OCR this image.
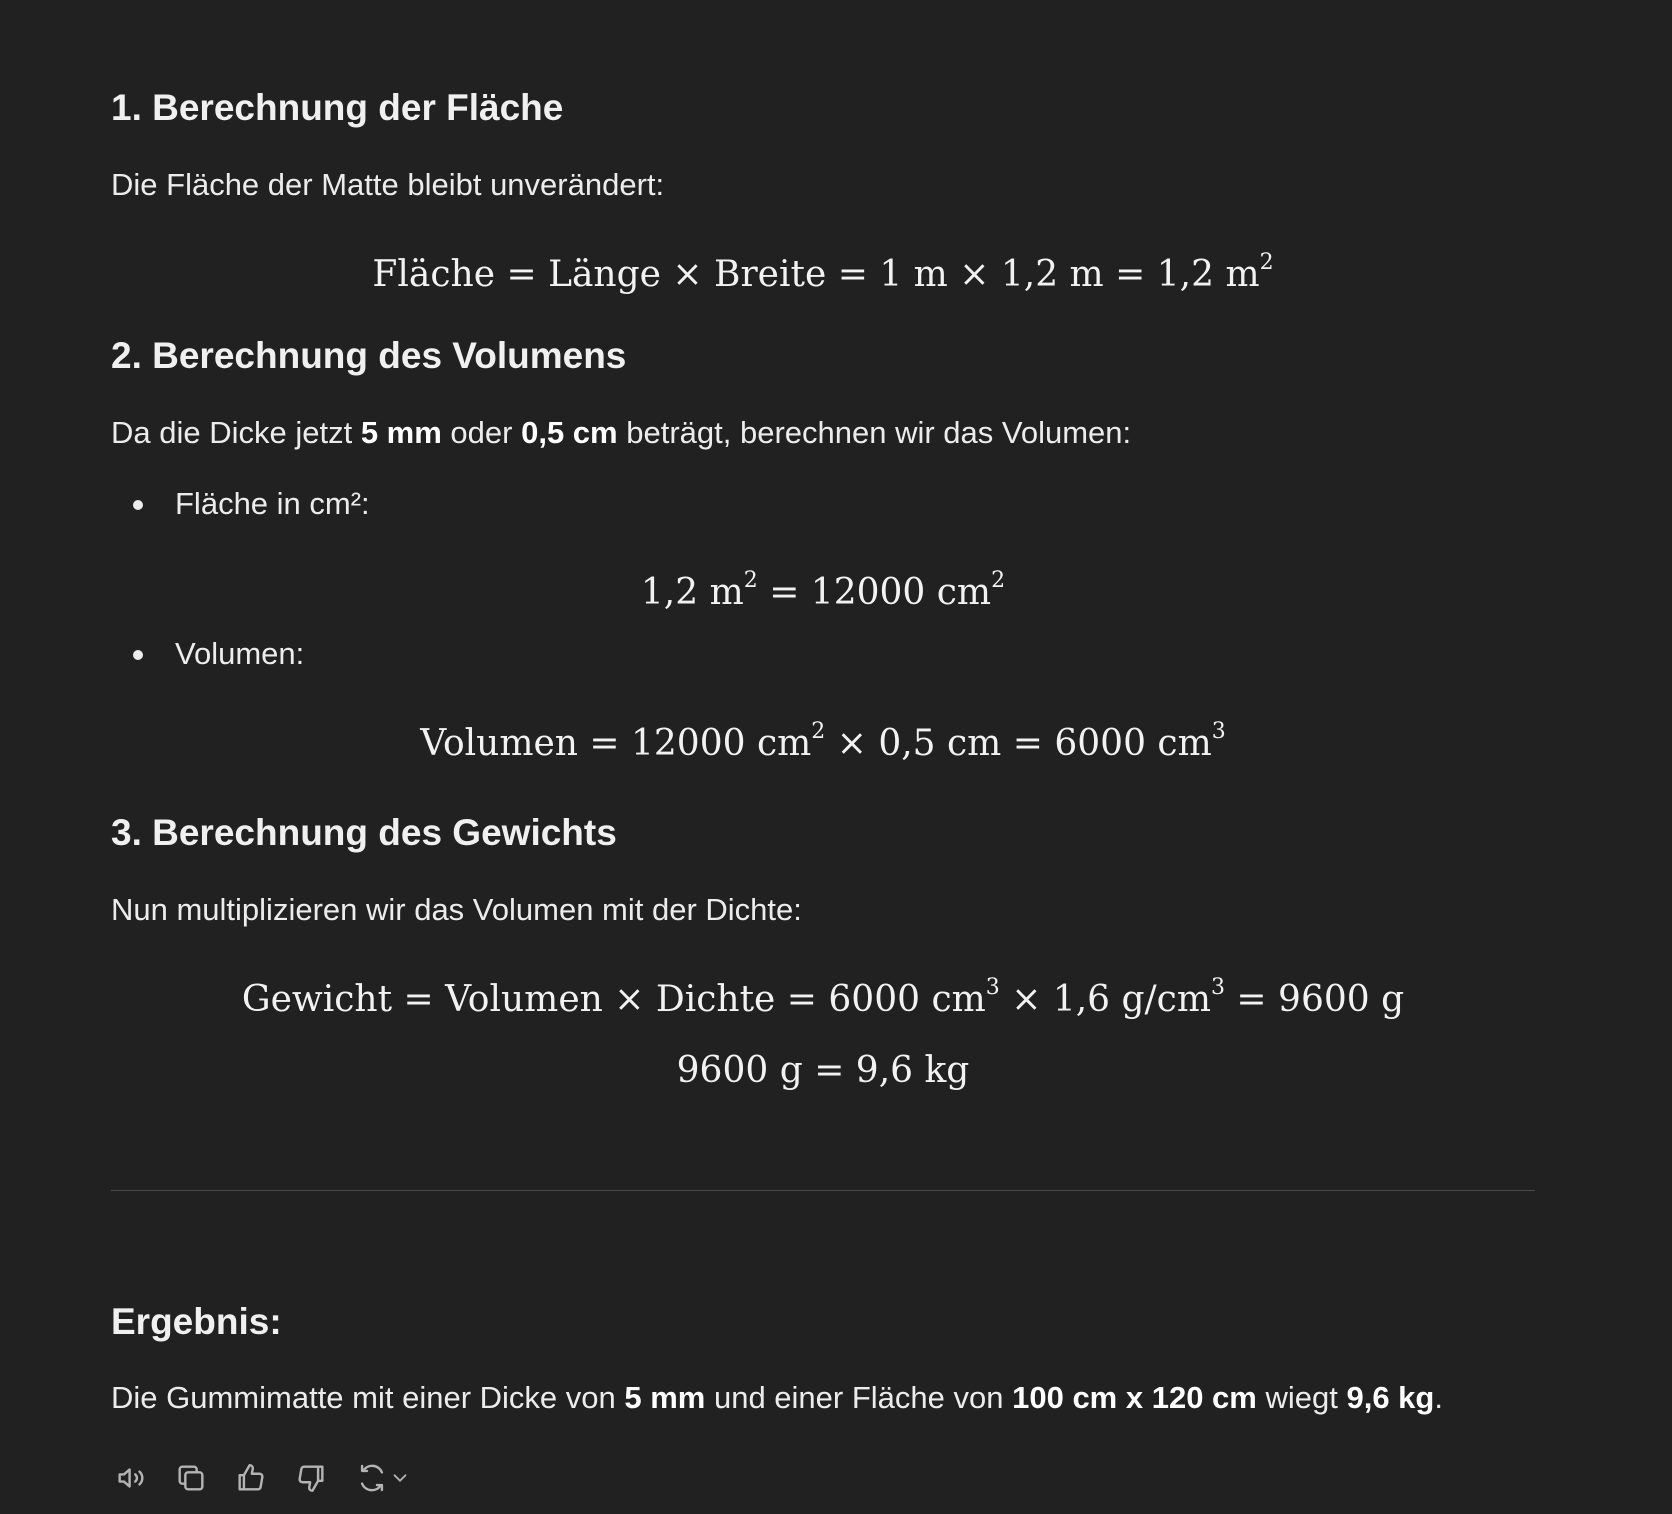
1. Berechnung der Fläche

Die Fläche der Matte bleibt unverändert:

Fläche = Länge × Breite = 1 m × 1,2 m = 1,2 $m^2$
2. Berechnung des Volumens

Da die Dicke jetzt 5 mm oder 0,5 cm beträgt, berechnen wir das Volumen:

Fläche in cm²:
1,2 $m^2 = 12000$ $cm^2$
Volumen:
Volumen = 12000 $cm^2 \times 0,5$ cm = 6000 $cm^3$
3. Berechnung des Gewichts

Nun multiplizieren wir das Volumen mit der Dichte:

Gewicht = Volumen × Dichte = 6000 $cm^3 \times 1,6$ $g/cm^3 = 9600$ g
9600 g = 9,6 kg
Ergebnis:

Die Gummimatte mit einer Dicke von 5 mm und einer Fläche von 100 cm x 120 cm wiegt 9,6 kg.
